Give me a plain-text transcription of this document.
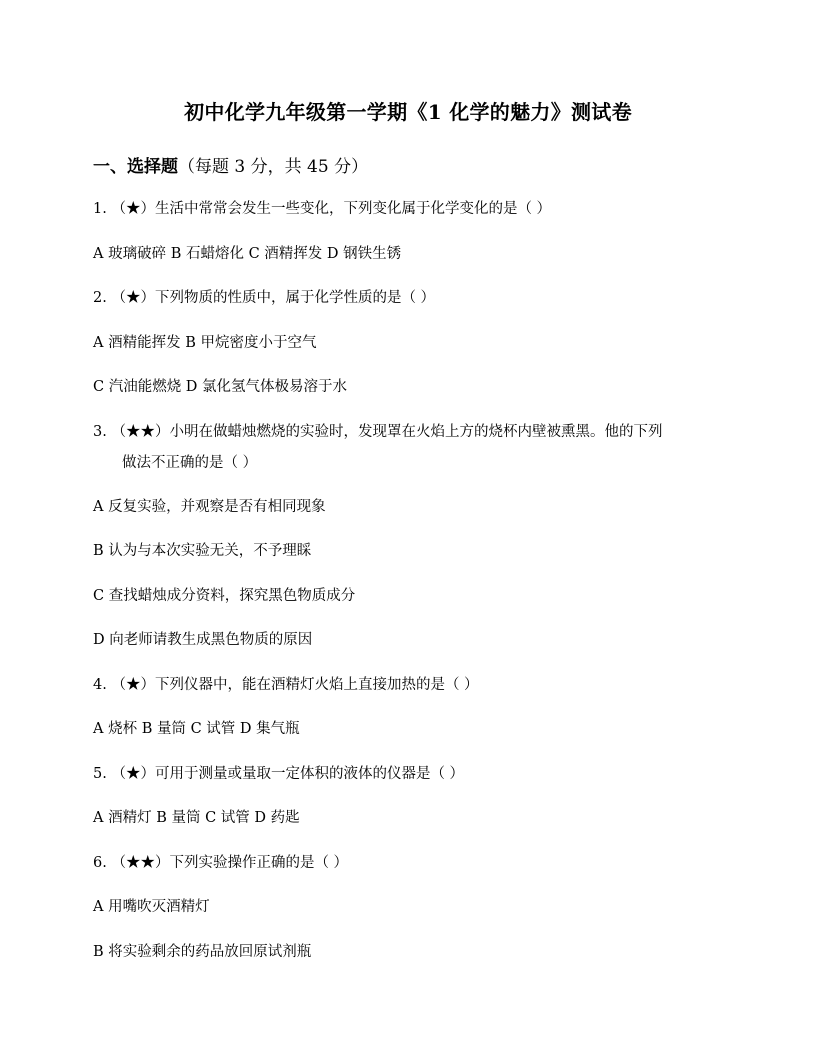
初中化学九年级第一学期《1 化学的魅力》测试卷
一、选择题（每题 3 分，共 45 分）
1. （★）生活中常常会发生一些变化，下列变化属于化学变化的是（ ）
A 玻璃破碎 B 石蜡熔化 C 酒精挥发 D 钢铁生锈
2. （★）下列物质的性质中，属于化学性质的是（ ）
A 酒精能挥发 B 甲烷密度小于空气
C 汽油能燃烧 D 氯化氢气体极易溶于水
3. （★★）小明在做蜡烛燃烧的实验时，发现罩在火焰上方的烧杯内壁被熏黑。他的下列
做法不正确的是（ ）
A 反复实验，并观察是否有相同现象
B 认为与本次实验无关，不予理睬
C 查找蜡烛成分资料，探究黑色物质成分
D 向老师请教生成黑色物质的原因
4. （★）下列仪器中，能在酒精灯火焰上直接加热的是（ ）
A 烧杯 B 量筒 C 试管 D 集气瓶
5. （★）可用于测量或量取一定体积的液体的仪器是（ ）
A 酒精灯 B 量筒 C 试管 D 药匙
6. （★★）下列实验操作正确的是（ ）
A 用嘴吹灭酒精灯
B 将实验剩余的药品放回原试剂瓶
